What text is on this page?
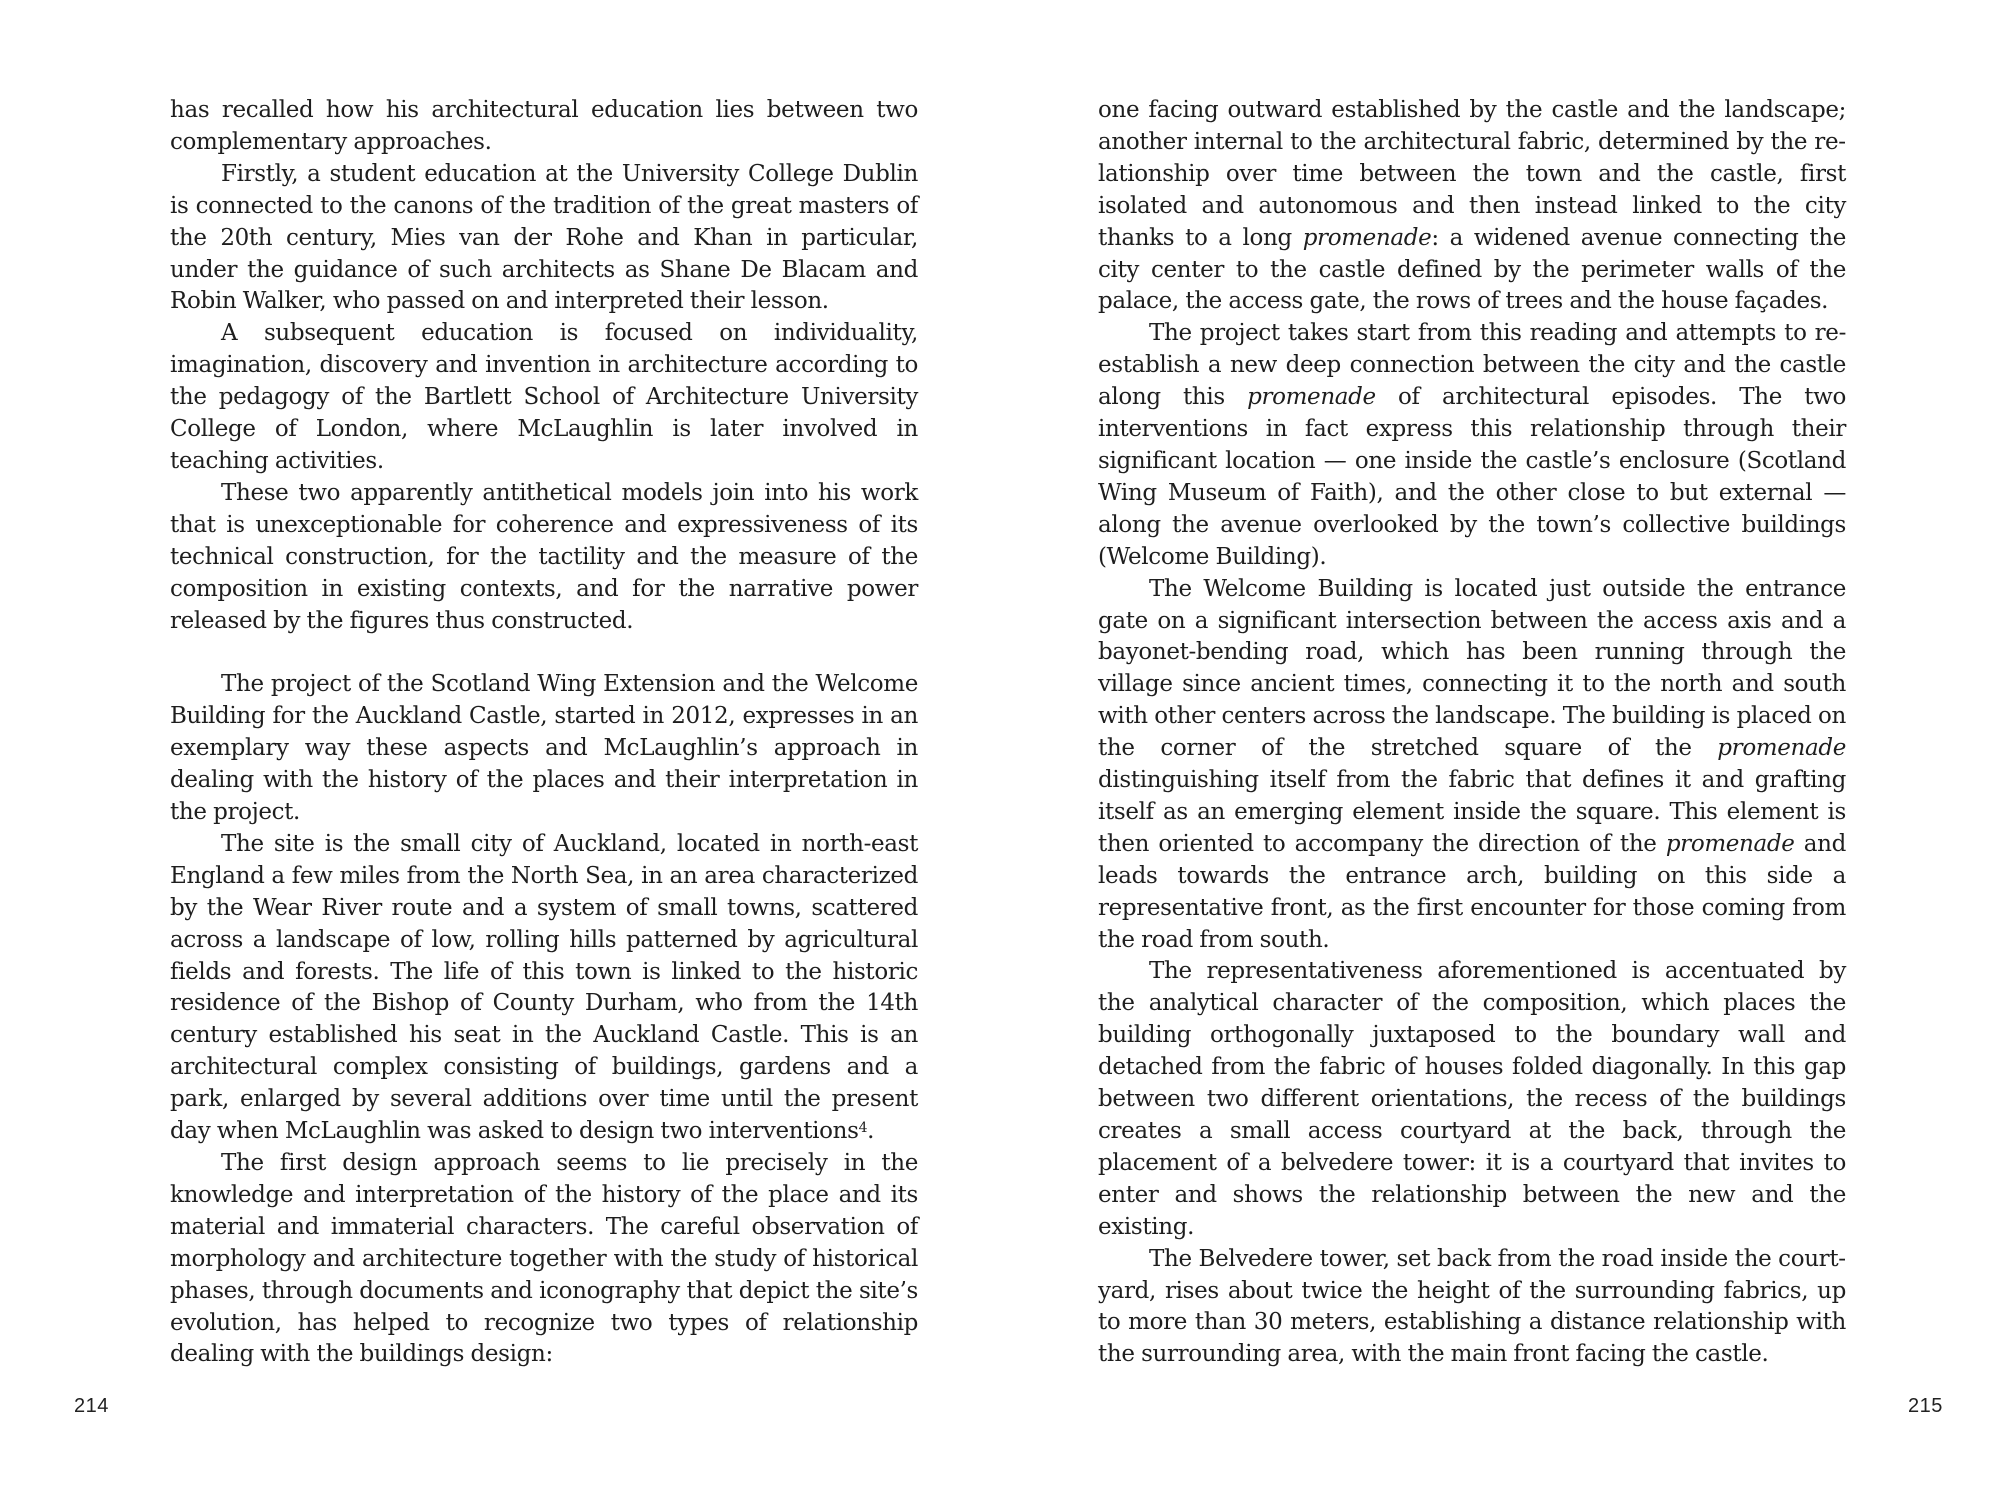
has recalled how his architectural education lies between two complementary approaches.

Firstly, a student education at the University College Dublin is connected to the canons of the tradition of the great masters of the 20th century, Mies van der Rohe and Khan in particular, under the guidance of such architects as Shane De Blacam and Robin Walker, who passed on and interpreted their lesson.

A subsequent education is focused on individuality, imagination, discovery and invention in architecture according to the pedagogy of the Bartlett School of Architecture University College of London, where McLaughlin is later involved in teaching activities.

These two apparently antithetical models join into his work that is unexceptionable for coherence and expressiveness of its technical construction, for the tactility and the measure of the composition in existing contexts, and for the narrative power released by the figures thus constructed.

The project of the Scotland Wing Extension and the Welcome Building for the Auckland Castle, started in 2012, expresses in an exemplary way these aspects and McLaughlin’s approach in dealing with the history of the places and their interpretation in the project.

The site is the small city of Auckland, located in north-east England a few miles from the North Sea, in an area characterized by the Wear River route and a system of small towns, scattered across a landscape of low, rolling hills patterned by agricultural fields and forests. The life of this town is linked to the historic residence of the Bishop of County Durham, who from the 14th century established his seat in the Auckland Castle. This is an architectural complex consisting of buildings, gardens and a park, enlarged by several additions over time until the present day when McLaughlin was asked to design two interventions$^4$.

The first design approach seems to lie precisely in the knowledge and interpretation of the history of the place and its material and immaterial characters. The careful observation of morphology and architecture together with the study of historical phases, through documents and iconography that depict the site’s evolution, has helped to recognize two types of relationship dealing with the buildings design:

214

one facing outward established by the castle and the landscape; another internal to the architectural fabric, determined by the relationship over time between the town and the castle, first isolated and autonomous and then instead linked to the city thanks to a long promenade: a widened avenue connecting the city center to the castle defined by the perimeter walls of the palace, the access gate, the rows of trees and the house façades.

The project takes start from this reading and attempts to re-establish a new deep connection between the city and the castle along this promenade of architectural episodes. The two interventions in fact express this relationship through their significant location — one inside the castle’s enclosure (Scotland Wing Museum of Faith), and the other close to but external — along the avenue overlooked by the town’s collective buildings (Welcome Building).

The Welcome Building is located just outside the entrance gate on a significant intersection between the access axis and a bayonet-bending road, which has been running through the village since ancient times, connecting it to the north and south with other centers across the landscape. The building is placed on the corner of the stretched square of the promenade distinguishing itself from the fabric that defines it and grafting itself as an emerging element inside the square. This element is then oriented to accompany the direction of the promenade and leads towards the entrance arch, building on this side a representative front, as the first encounter for those coming from the road from south.

The representativeness aforementioned is accentuated by the analytical character of the composition, which places the building orthogonally juxtaposed to the boundary wall and detached from the fabric of houses folded diagonally. In this gap between two different orientations, the recess of the buildings creates a small access courtyard at the back, through the placement of a belvedere tower: it is a courtyard that invites to enter and shows the relationship between the new and the existing.

The Belvedere tower, set back from the road inside the courtyard, rises about twice the height of the surrounding fabrics, up to more than 30 meters, establishing a distance relationship with the surrounding area, with the main front facing the castle.

215
